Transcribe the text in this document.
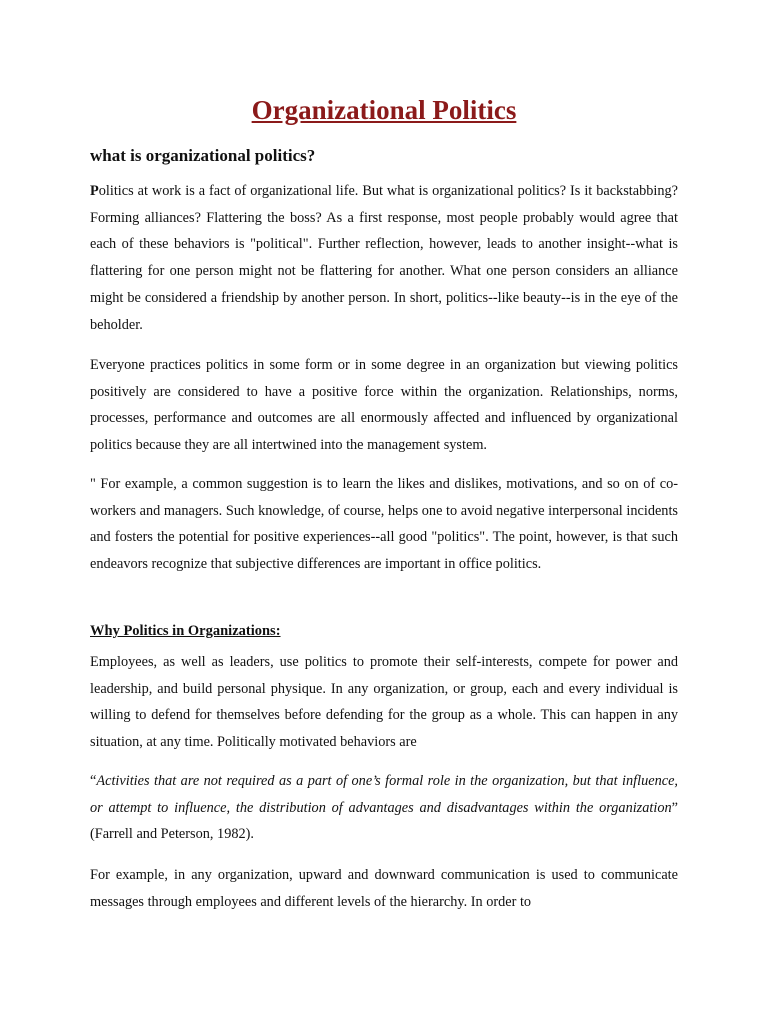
Organizational Politics
what is organizational politics?

Politics at work is a fact of organizational life. But what is organizational politics? Is it backstabbing? Forming alliances? Flattering the boss? As a first response, most people probably would agree that each of these behaviors is "political". Further reflection, however, leads to another insight--what is flattering for one person might not be flattering for another. What one person considers an alliance might be considered a friendship by another person. In short, politics--like beauty--is in the eye of the beholder.

Everyone practices politics in some form or in some degree in an organization but viewing politics positively are considered to have a positive force within the organization. Relationships, norms, processes, performance and outcomes are all enormously affected and influenced by organizational politics because they are all intertwined into the management system.

" For example, a common suggestion is to learn the likes and dislikes, motivations, and so on of co-workers and managers. Such knowledge, of course, helps one to avoid negative interpersonal incidents and fosters the potential for positive experiences--all good "politics". The point, however, is that such endeavors recognize that subjective differences are important in office politics.

Why Politics in Organizations:

Employees, as well as leaders, use politics to promote their self-interests, compete for power and leadership, and build personal physique. In any organization, or group, each and every individual is willing to defend for themselves before defending for the group as a whole. This can happen in any situation, at any time. Politically motivated behaviors are

“Activities that are not required as a part of one’s formal role in the organization, but that influence, or attempt to influence, the distribution of advantages and disadvantages within the organization” (Farrell and Peterson, 1982).

For example, in any organization, upward and downward communication is used to communicate messages through employees and different levels of the hierarchy. In order to
